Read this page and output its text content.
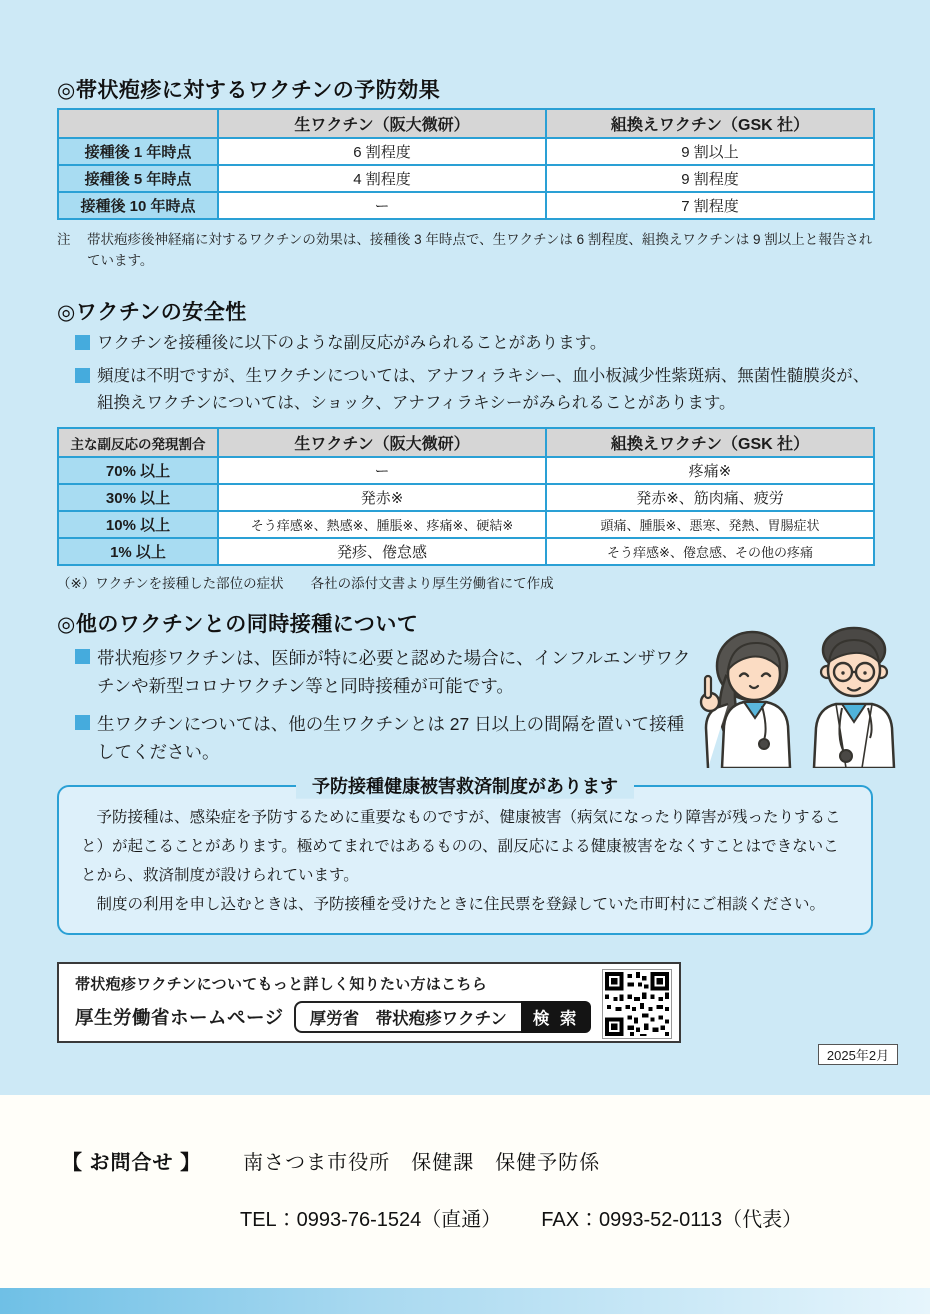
◎帯状疱疹に対するワクチンの予防効果
	生ワクチン（阪大微研）	組換えワクチン（GSK 社）
接種後 1 年時点	6 割程度	9 割以上
接種後 5 年時点	4 割程度	9 割程度
接種後 10 年時点	ー	7 割程度
注	帯状疱疹後神経痛に対するワクチンの効果は、接種後 3 年時点で、生ワクチンは 6 割程度、組換えワクチンは 9 割以上と報告されています。
◎ワクチンの安全性
ワクチンを接種後に以下のような副反応がみられることがあります。
頻度は不明ですが、生ワクチンについては、アナフィラキシー、血小板減少性紫斑病、無菌性髄膜炎が、組換えワクチンについては、ショック、アナフィラキシーがみられることがあります。
主な副反応の発現割合	生ワクチン（阪大微研）	組換えワクチン（GSK 社）
70% 以上	ー	疼痛※
30% 以上	発赤※	発赤※、筋肉痛、疲労
10% 以上	そう痒感※、熱感※、腫脹※、疼痛※、硬結※	頭痛、腫脹※、悪寒、発熱、胃腸症状
1% 以上	発疹、倦怠感	そう痒感※、倦怠感、その他の疼痛
（※）ワクチンを接種した部位の症状　　各社の添付文書より厚生労働省にて作成
◎他のワクチンとの同時接種について
帯状疱疹ワクチンは、医師が特に必要と認めた場合に、インフルエンザワクチンや新型コロナワクチン等と同時接種が可能です。
生ワクチンについては、他の生ワクチンとは 27 日以上の間隔を置いて接種してください。
予防接種健康被害救済制度があります
　予防接種は、感染症を予防するために重要なものですが、健康被害（病気になったり障害が残ったりすること）が起こることがあります。極めてまれではあるものの、副反応による健康被害をなくすことはできないことから、救済制度が設けられています。
　制度の利用を申し込むときは、予防接種を受けたときに住民票を登録していた市町村にご相談ください。
帯状疱疹ワクチンについてもっと詳しく知りたい方はこちら
厚生労働省ホームページ	厚労省　帯状疱疹ワクチン	検 索
2025年2月
【 お問合せ 】 南さつま市役所　保健課　保健予防係
TEL：0993-76-1524（直通） FAX：0993-52-0113（代表）
